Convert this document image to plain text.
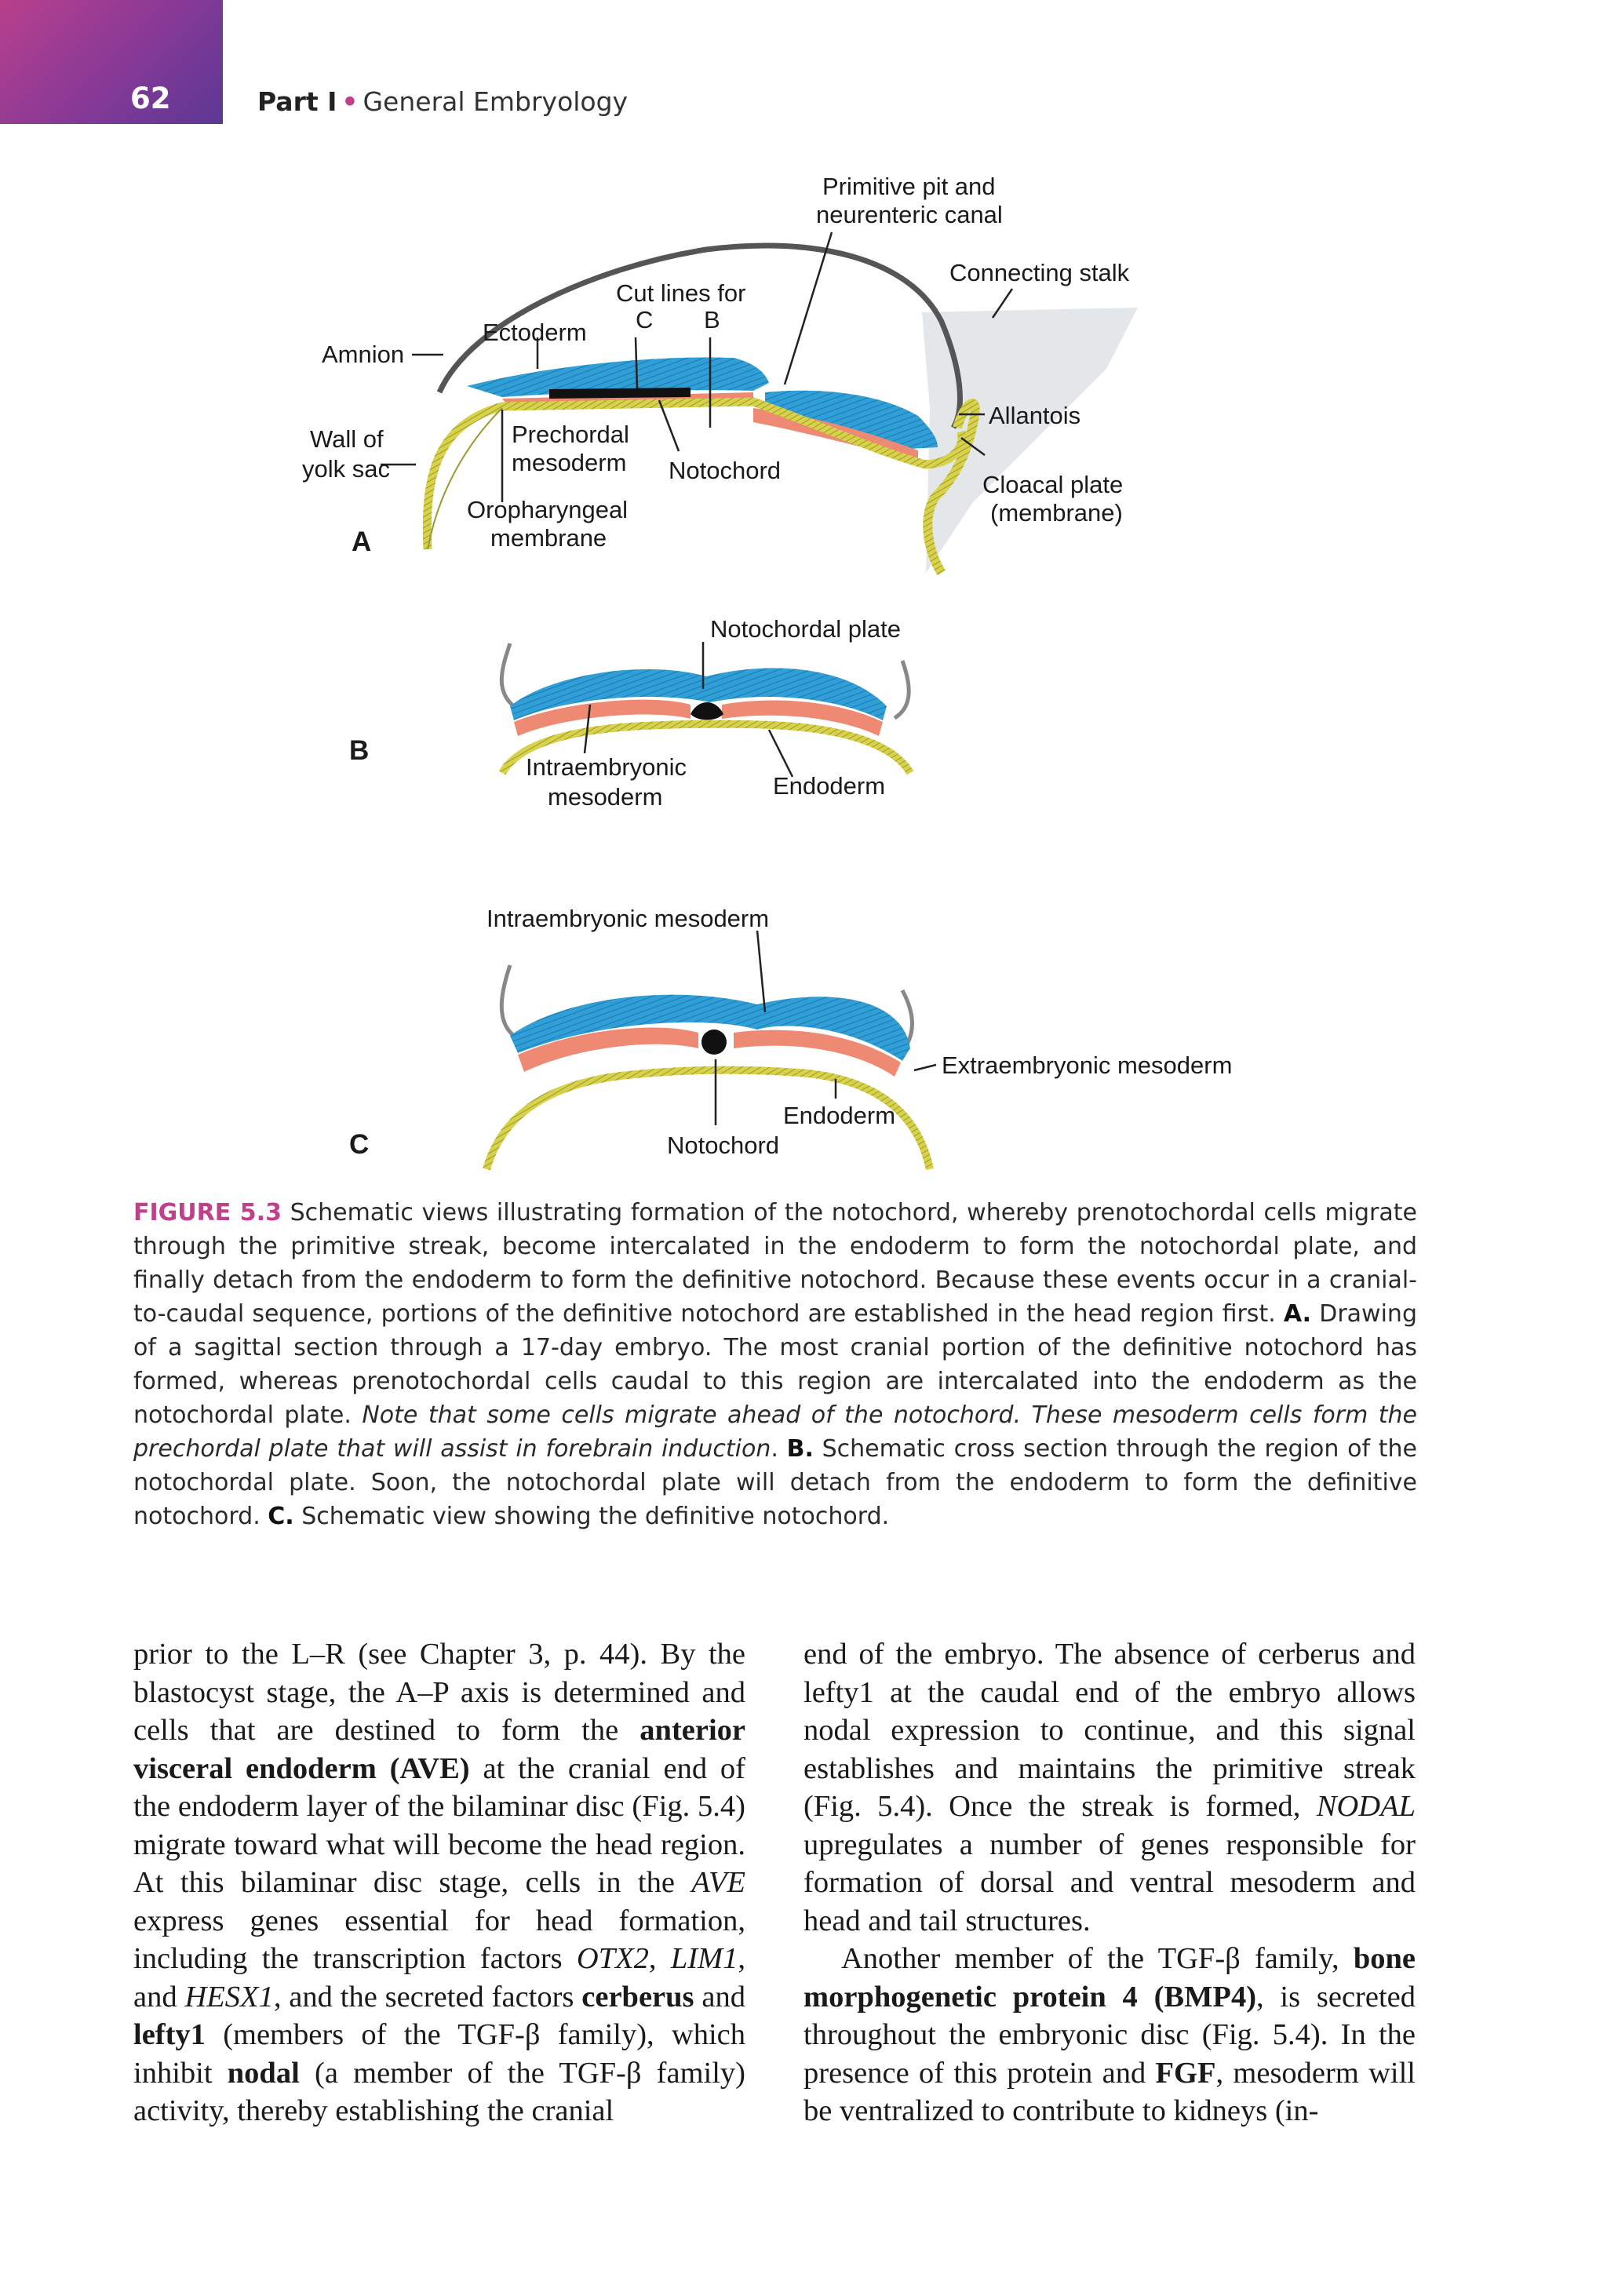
62	Part I • General Embryology
Primitive pit and
neurenteric canal
Connecting stalk
Cut lines for
C B
Ectoderm
Amnion
Allantois
Wall of
yolk sac
Prechordal
mesoderm Notochord
Cloacal plate
(membrane)
Oropharyngeal
membrane
A
Notochordal plate
Intraembryonic
mesoderm	Endoderm
B
Intraembryonic mesoderm
Extraembryonic mesoderm
Endoderm
Notochord
C

FIGURE 5.3 Schematic views illustrating formation of the notochord, whereby prenotochordal cells migrate through the primitive streak, become intercalated in the endoderm to form the notochordal plate, and finally detach from the endoderm to form the definitive notochord. Because these events occur in a cranial-to-caudal sequence, portions of the definitive notochord are established in the head region first. A. Drawing of a sagittal section through a 17-day embryo. The most cranial portion of the definitive notochord has formed, whereas prenotochordal cells caudal to this region are intercalated into the endoderm as the notochordal plate. Note that some cells migrate ahead of the notochord. These mesoderm cells form the prechordal plate that will assist in forebrain induction. B. Schematic cross section through the region of the notochordal plate. Soon, the notochordal plate will detach from the endoderm to form the definitive notochord. C. Schematic view showing the definitive notochord.

prior to the L–R (see Chapter 3, p. 44). By the blastocyst stage, the A–P axis is determined and cells that are destined to form the anterior visceral endoderm (AVE) at the cranial end of the endoderm layer of the bilaminar disc (Fig. 5.4) migrate toward what will become the head region. At this bilaminar disc stage, cells in the AVE express genes essential for head formation, including the transcription factors OTX2, LIM1, and HESX1, and the secreted factors cerberus and lefty1 (members of the TGF-β family), which inhibit nodal (a member of the TGF-β family) activity, thereby establishing the cranial

end of the embryo. The absence of cerberus and lefty1 at the caudal end of the embryo allows nodal expression to continue, and this signal establishes and maintains the primitive streak (Fig. 5.4). Once the streak is formed, NODAL upregulates a number of genes responsible for formation of dorsal and ventral mesoderm and head and tail structures.

Another member of the TGF-β family, bone morphogenetic protein 4 (BMP4), is secreted throughout the embryonic disc (Fig. 5.4). In the presence of this protein and FGF, mesoderm will be ventralized to contribute to kidneys (in-
